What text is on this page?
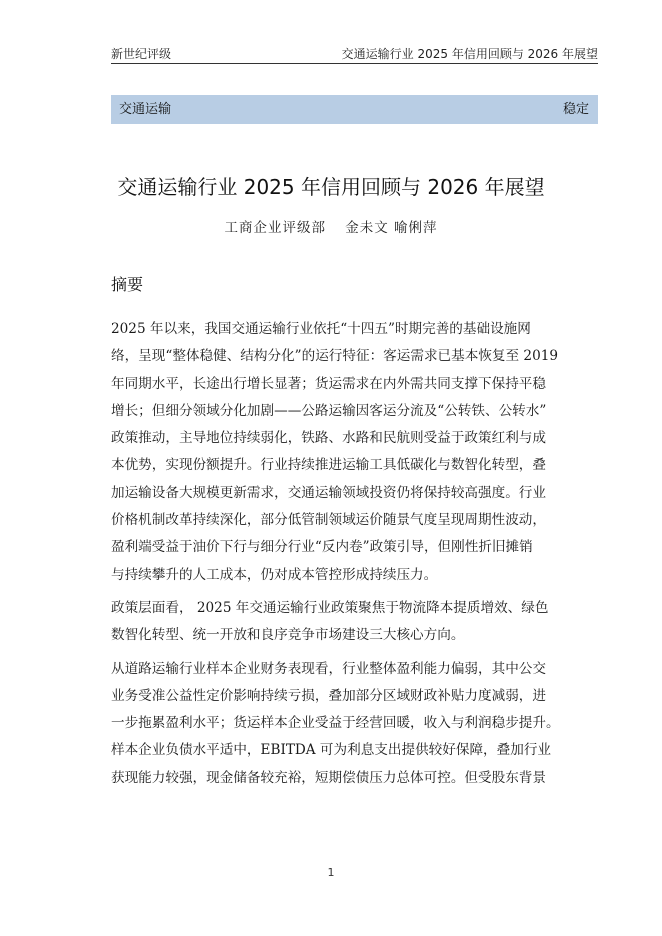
新世纪评级	交通运输行业 2025 年信用回顾与 2026 年展望
交通运输	稳定
交通运输行业 2025 年信用回顾与 2026 年展望
工商企业评级部 金未文 喻俐萍
摘要

2025 年以来，我国交通运输行业依托“十四五”时期完善的基础设施网
络，呈现“整体稳健、结构分化”的运行特征：客运需求已基本恢复至 2019
年同期水平，长途出行增长显著；货运需求在内外需共同支撑下保持平稳
增长；但细分领域分化加剧——公路运输因客运分流及“公转铁、公转水”
政策推动，主导地位持续弱化，铁路、水路和民航则受益于政策红利与成
本优势，实现份额提升。行业持续推进运输工具低碳化与数智化转型，叠
加运输设备大规模更新需求，交通运输领域投资仍将保持较高强度。行业
价格机制改革持续深化，部分低管制领域运价随景气度呈现周期性波动，
盈利端受益于油价下行与细分行业“反内卷”政策引导，但刚性折旧摊销
与持续攀升的人工成本，仍对成本管控形成持续压力。

政策层面看， 2025 年交通运输行业政策聚焦于物流降本提质增效、绿色
数智化转型、统一开放和良序竞争市场建设三大核心方向。

从道路运输行业样本企业财务表现看，行业整体盈利能力偏弱，其中公交
业务受准公益性定价影响持续亏损，叠加部分区域财政补贴力度减弱，进
一步拖累盈利水平；货运样本企业受益于经营回暖，收入与利润稳步提升。
样本企业负债水平适中，EBITDA 可为利息支出提供较好保障，叠加行业
获现能力较强，现金储备较充裕，短期偿债压力总体可控。但受股东背景

1
